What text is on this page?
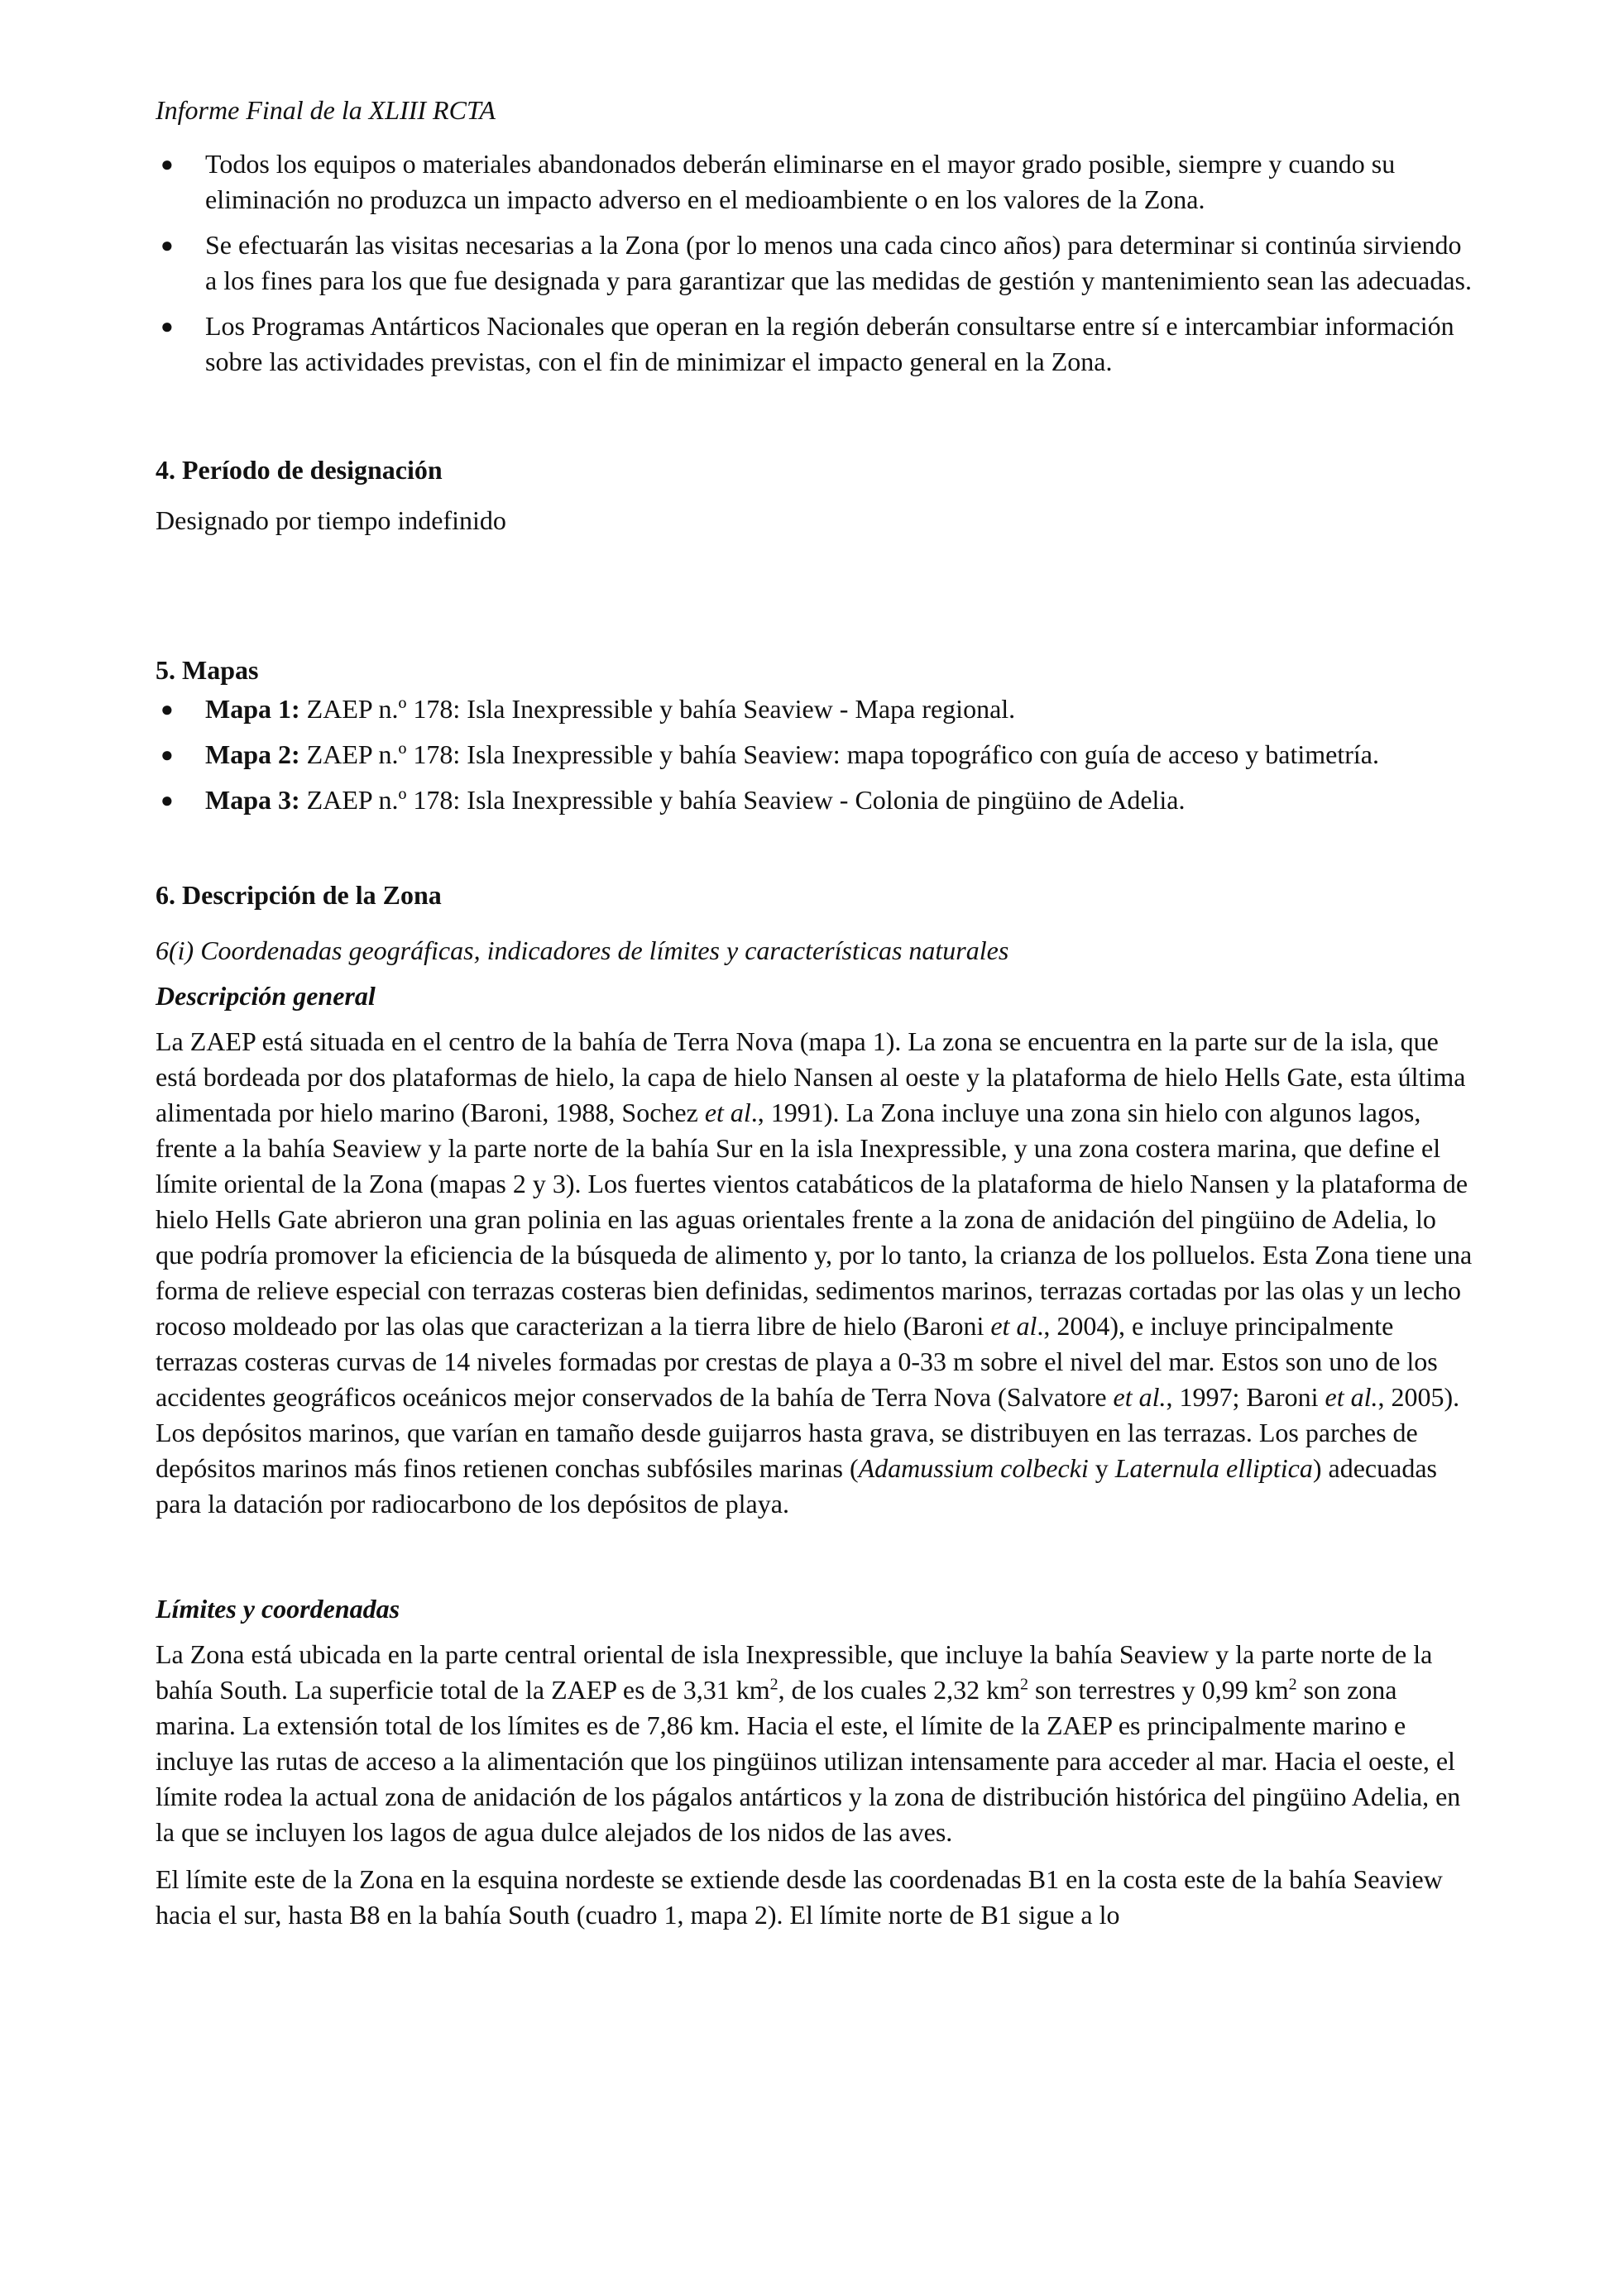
Informe Final de la XLIII RCTA

● Todos los equipos o materiales abandonados deberán eliminarse en el mayor grado posible, siempre y cuando su eliminación no produzca un impacto adverso en el medioambiente o en los valores de la Zona.
● Se efectuarán las visitas necesarias a la Zona (por lo menos una cada cinco años) para determinar si continúa sirviendo a los fines para los que fue designada y para garantizar que las medidas de gestión y mantenimiento sean las adecuadas.
● Los Programas Antárticos Nacionales que operan en la región deberán consultarse entre sí e intercambiar información sobre las actividades previstas, con el fin de minimizar el impacto general en la Zona.
4. Período de designación

Designado por tiempo indefinido

5. Mapas
● Mapa 1: ZAEP n.º 178: Isla Inexpressible y bahía Seaview - Mapa regional.
● Mapa 2: ZAEP n.º 178: Isla Inexpressible y bahía Seaview: mapa topográfico con guía de acceso y batimetría.
● Mapa 3: ZAEP n.º 178: Isla Inexpressible y bahía Seaview - Colonia de pingüino de Adelia.
6. Descripción de la Zona

6(i) Coordenadas geográficas, indicadores de límites y características naturales

Descripción general

La ZAEP está situada en el centro de la bahía de Terra Nova (mapa 1). La zona se encuentra en la parte sur de la isla, que está bordeada por dos plataformas de hielo, la capa de hielo Nansen al oeste y la plataforma de hielo Hells Gate, esta última alimentada por hielo marino (Baroni, 1988, Sochez et al., 1991). La Zona incluye una zona sin hielo con algunos lagos, frente a la bahía Seaview y la parte norte de la bahía Sur en la isla Inexpressible, y una zona costera marina, que define el límite oriental de la Zona (mapas 2 y 3). Los fuertes vientos catabáticos de la plataforma de hielo Nansen y la plataforma de hielo Hells Gate abrieron una gran polinia en las aguas orientales frente a la zona de anidación del pingüino de Adelia, lo que podría promover la eficiencia de la búsqueda de alimento y, por lo tanto, la crianza de los polluelos. Esta Zona tiene una forma de relieve especial con terrazas costeras bien definidas, sedimentos marinos, terrazas cortadas por las olas y un lecho rocoso moldeado por las olas que caracterizan a la tierra libre de hielo (Baroni et al., 2004), e incluye principalmente terrazas costeras curvas de 14 niveles formadas por crestas de playa a 0-33 m sobre el nivel del mar. Estos son uno de los accidentes geográficos oceánicos mejor conservados de la bahía de Terra Nova (Salvatore et al., 1997; Baroni et al., 2005). Los depósitos marinos, que varían en tamaño desde guijarros hasta grava, se distribuyen en las terrazas. Los parches de depósitos marinos más finos retienen conchas subfósiles marinas (Adamussium colbecki y Laternula elliptica) adecuadas para la datación por radiocarbono de los depósitos de playa.

Límites y coordenadas

La Zona está ubicada en la parte central oriental de isla Inexpressible, que incluye la bahía Seaview y la parte norte de la bahía South. La superficie total de la ZAEP es de 3,31 $km^2$, de los cuales 2,32 $km^2$ son terrestres y 0,99 $km^2$ son zona marina. La extensión total de los límites es de 7,86 km. Hacia el este, el límite de la ZAEP es principalmente marino e incluye las rutas de acceso a la alimentación que los pingüinos utilizan intensamente para acceder al mar. Hacia el oeste, el límite rodea la actual zona de anidación de los págalos antárticos y la zona de distribución histórica del pingüino Adelia, en la que se incluyen los lagos de agua dulce alejados de los nidos de las aves.

El límite este de la Zona en la esquina nordeste se extiende desde las coordenadas B1 en la costa este de la bahía Seaview hacia el sur, hasta B8 en la bahía South (cuadro 1, mapa 2). El límite norte de B1 sigue a lo
